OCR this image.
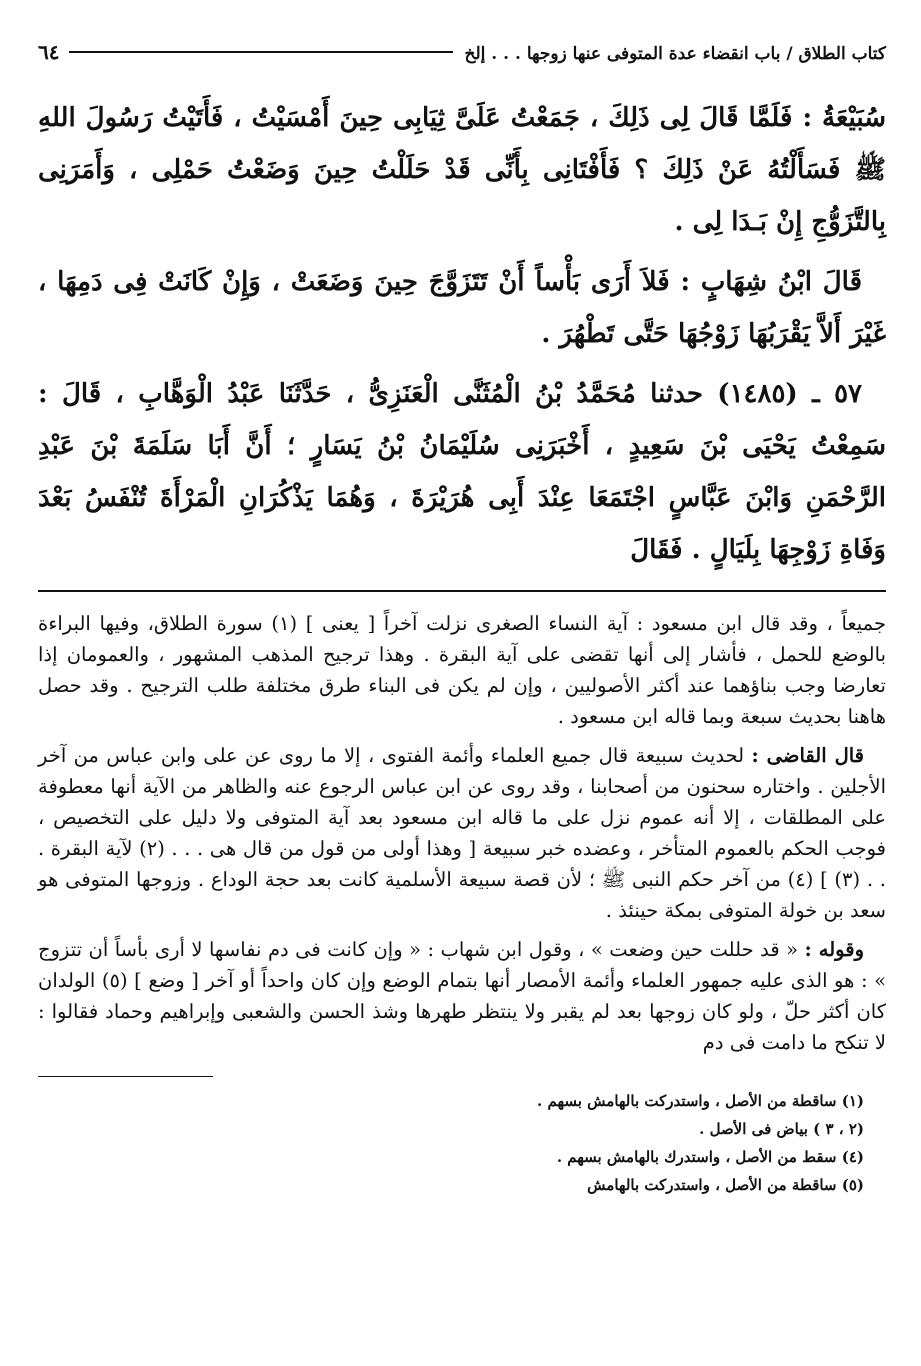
كتاب الطلاق / باب انقضاء عدة المتوفى عنها زوجها . . . إلخ
٦٤

سُبَيْعَةُ : فَلَمَّا قَالَ لِى ذَلِكَ ، جَمَعْتُ عَلَىَّ ثِيَابِى حِينَ أَمْسَيْتُ ، فَأَتَيْتُ رَسُولَ اللهِ ﷺ فَسَأَلْتُهُ عَنْ ذَلِكَ ؟ فَأَفْتَانِى بِأَنِّى قَدْ حَلَلْتُ حِينَ وَضَعْتُ حَمْلِى ، وَأَمَرَنِى بِالتَّزَوُّجِ إِنْ بَـدَا لِى .

قَالَ ابْنُ شِهَابٍ : فَلاَ أَرَى بَأْساً أَنْ تَتَزَوَّجَ حِينَ وَضَعَتْ ، وَإِنْ كَانَتْ فِى دَمِهَا ، غَيْرَ أَلاَّ يَقْرَبُهَا زَوْجُهَا حَتَّى تَطْهُرَ .

٥٧ ـ (١٤٨٥) حدثنا مُحَمَّدُ بْنُ الْمُثَنَّى الْعَنَزِىُّ ، حَدَّثَنَا عَبْدُ الْوَهَّابِ ، قَالَ : سَمِعْتُ يَحْيَى بْنَ سَعِيدٍ ، أَخْبَرَنِى سُلَيْمَانُ بْنُ يَسَارٍ ؛ أَنَّ أَبَا سَلَمَةَ بْنَ عَبْدِ الرَّحْمَنِ وَابْنَ عَبَّاسٍ اجْتَمَعَا عِنْدَ أَبِى هُرَيْرَةَ ، وَهُمَا يَذْكُرَانِ الْمَرْأَةَ تُنْفَسُ بَعْدَ وَفَاةِ زَوْجِهَا بِلَيَالٍ . فَقَالَ

جميعاً ، وقد قال ابن مسعود : آية النساء الصغرى نزلت آخراً [ يعنى ] (١) سورة الطلاق، وفيها البراءة بالوضع للحمل ، فأشار إلى أنها تقضى على آية البقرة . وهذا ترجيح المذهب المشهور ، والعمومان إذا تعارضا وجب بناؤهما عند أكثر الأصوليين ، وإن لم يكن فى البناء طرق مختلفة طلب الترجيح . وقد حصل هاهنا بحديث سبعة وبما قاله ابن مسعود .

قال القاضى : لحديث سبيعة قال جميع العلماء وأئمة الفتوى ، إلا ما روى عن على وابن عباس من آخر الأجلين . واختاره سحنون من أصحابنا ، وقد روى عن ابن عباس الرجوع عنه والظاهر من الآية أنها معطوفة على المطلقات ، إلا أنه عموم نزل على ما قاله ابن مسعود بعد آية المتوفى ولا دليل على التخصيص ، فوجب الحكم بالعموم المتأخر ، وعضده خبر سبيعة [ وهذا أولى من قول من قال هى . . . (٢) لآية البقرة . . . (٣) ] (٤) من آخر حكم النبى ﷺ ؛ لأن قصة سبيعة الأسلمية كانت بعد حجة الوداع . وزوجها المتوفى هو سعد بن خولة المتوفى بمكة حينئذ .

وقوله : « قد حللت حين وضعت » ، وقول ابن شهاب : « وإن كانت فى دم نفاسها لا أرى بأساً أن تتزوج » : هو الذى عليه جمهور العلماء وأئمة الأمصار أنها بتمام الوضع وإن كان واحداً أو آخر [ وضع ] (٥) الولدان كان أكثر حلّ ، ولو كان زوجها بعد لم يقبر ولا ينتظر طهرها وشذ الحسن والشعبى وإبراهيم وحماد فقالوا : لا تنكح ما دامت فى دم

(١) ساقطة من الأصل ، واستدركت بالهامش بسهم .
(٢ ، ٣ ) بياض فى الأصل .
(٤) سقط من الأصل ، واستدرك بالهامش بسهم .
(٥) ساقطة من الأصل ، واستدركت بالهامش
